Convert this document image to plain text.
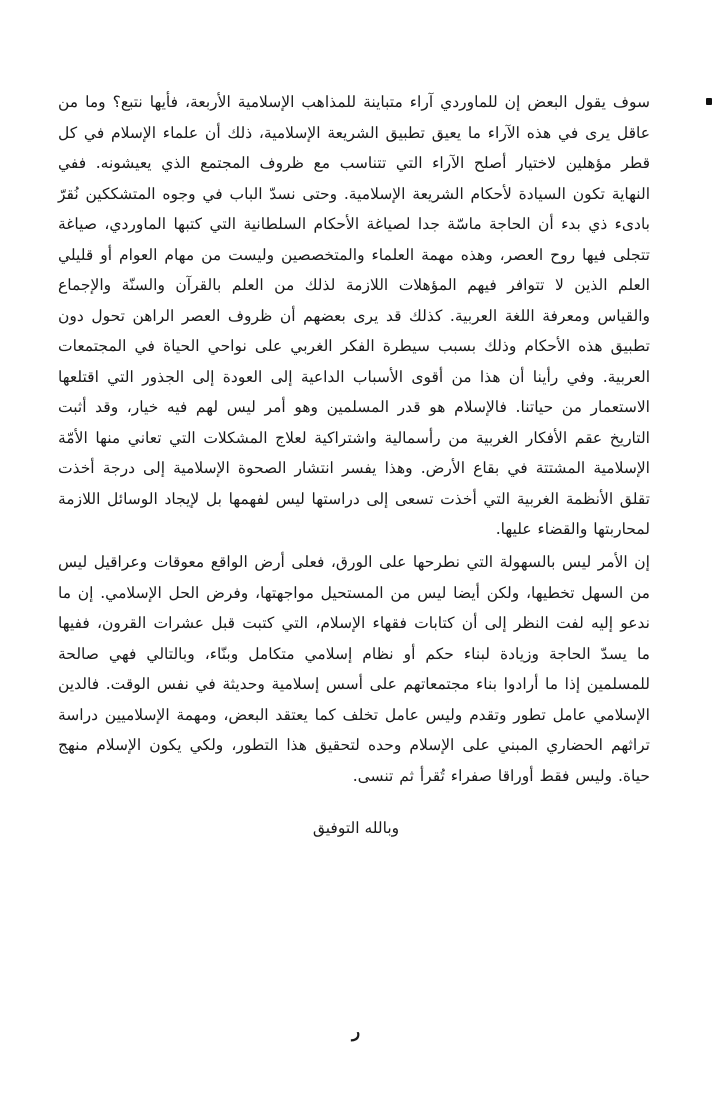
سوف يقول البعض إن للماوردي آراء متباينة للمذاهب الإسلامية الأربعة، فأيها نتبع؟ وما من عاقل يرى في هذه الآراء ما يعيق تطبيق الشريعة الإسلامية، ذلك أن علماء الإسلام في كل قطر مؤهلين لاختيار أصلح الآراء التي تتناسب مع ظروف المجتمع الذي يعيشونه. ففي النهاية تكون السيادة لأحكام الشريعة الإسلامية. وحتى نسدّ الباب في وجوه المتشككين نُقرّ بادىء ذي بدء أن الحاجة ماسّة جدا لصياغة الأحكام السلطانية التي كتبها الماوردي، صياغة تتجلى فيها روح العصر، وهذه مهمة العلماء والمتخصصين وليست من مهام العوام أو قليلي العلم الذين لا تتوافر فيهم المؤهلات اللازمة لذلك من العلم بالقرآن والسنّة والإجماع والقياس ومعرفة اللغة العربية. كذلك قد يرى بعضهم أن ظروف العصر الراهن تحول دون تطبيق هذه الأحكام وذلك بسبب سيطرة الفكر الغربي على نواحي الحياة في المجتمعات العربية. وفي رأينا أن هذا من أقوى الأسباب الداعية إلى العودة إلى الجذور التي اقتلعها الاستعمار من حياتنا. فالإسلام هو قدر المسلمين وهو أمر ليس لهم فيه خيار، وقد أثبت التاريخ عقم الأفكار الغربية من رأسمالية واشتراكية لعلاج المشكلات التي تعاني منها الأمّة الإسلامية المشتتة في بقاع الأرض. وهذا يفسر انتشار الصحوة الإسلامية إلى درجة أخذت تقلق الأنظمة الغربية التي أخذت تسعى إلى دراستها ليس لفهمها بل لإيجاد الوسائل اللازمة لمحاربتها والقضاء عليها.

إن الأمر ليس بالسهولة التي نطرحها على الورق، فعلى أرض الواقع معوقات وعراقيل ليس من السهل تخطيها، ولكن أيضا ليس من المستحيل مواجهتها، وفرض الحل الإسلامي. إن ما ندعو إليه لفت النظر إلى أن كتابات فقهاء الإسلام، التي كتبت قبل عشرات القرون، ففيها ما يسدّ الحاجة وزيادة لبناء حكم أو نظام إسلامي متكامل وبنّاء، وبالتالي فهي صالحة للمسلمين إذا ما أرادوا بناء مجتمعاتهم على أسس إسلامية وحديثة في نفس الوقت. فالدين الإسلامي عامل تطور وتقدم وليس عامل تخلف كما يعتقد البعض، ومهمة الإسلاميين دراسة تراثهم الحضاري المبني على الإسلام وحده لتحقيق هذا التطور، ولكي يكون الإسلام منهج حياة. وليس فقط أوراقا صفراء تُقرأ ثم تنسى.

وبالله التوفيق
ر
